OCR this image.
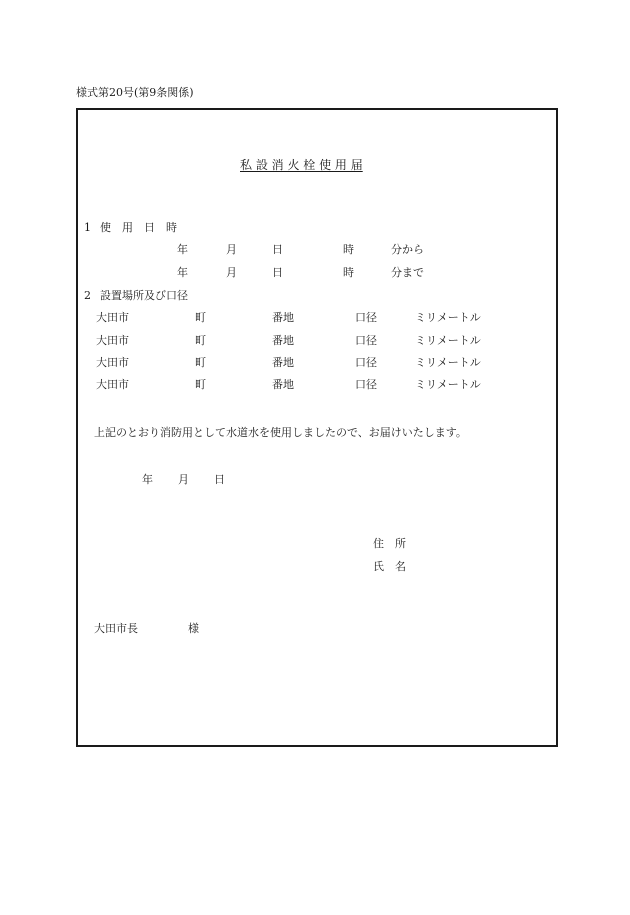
様式第20号(第9条関係)
私 設 消 火 栓 使 用 届
1 使　用　日　時
年	月	日	時	分から
年	月	日	時	分まで
2 設置場所及び口径
大田市	町	番地	口径	ミリメートル
大田市	町	番地	口径	ミリメートル
大田市	町	番地	口径	ミリメートル
大田市	町	番地	口径	ミリメートル
上記のとおり消防用として水道水を使用しましたので、お届けいたします。
年 月 日
住　所
氏　名
大田市長	様
